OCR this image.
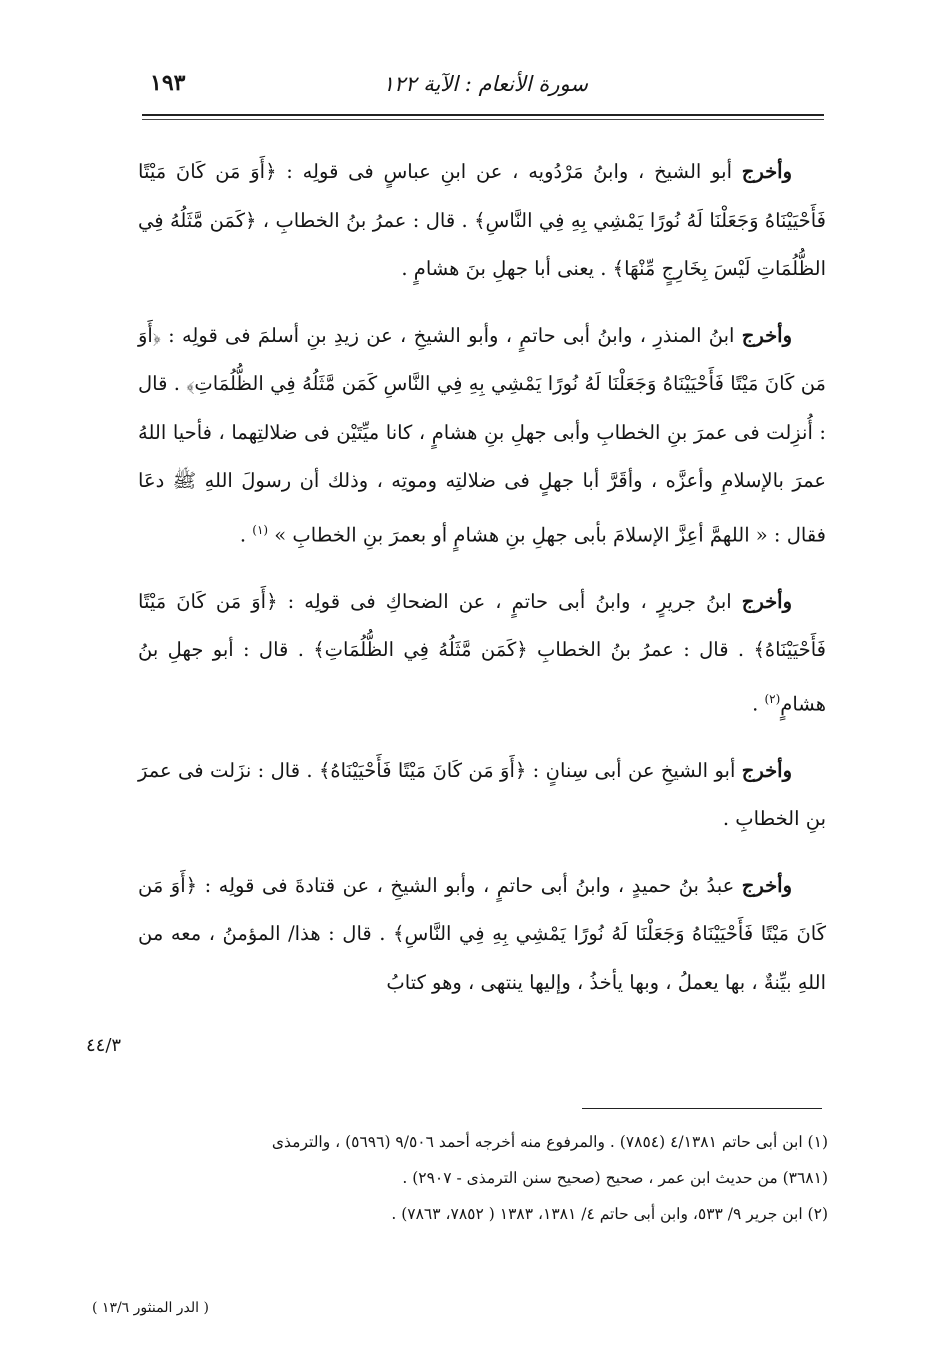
١٩٣	سورة الأنعام : الآية ١٢٢

وأخرج أبو الشيخ ، وابنُ مَرْدُويه ، عن ابنِ عباسٍ فى قولِه : ﴿أَوَ مَن كَانَ مَيْتًا فَأَحْيَيْنَاهُ وَجَعَلْنَا لَهُ نُورًا يَمْشِي بِهِ فِي النَّاسِ﴾ . قال : عمرُ بنُ الخطابِ ، ﴿كَمَن مَّثَلُهُ فِي الظُّلُمَاتِ لَيْسَ بِخَارِجٍ مِّنْهَا﴾ . يعنى أبا جهلِ بنَ هشامٍ .

وأخرج ابنُ المنذرِ ، وابنُ أبى حاتمٍ ، وأبو الشيخِ ، عن زيدِ بنِ أسلمَ فى قولِه : ﴿أَوَ مَن كَانَ مَيْتًا فَأَحْيَيْنَاهُ وَجَعَلْنَا لَهُ نُورًا يَمْشِي بِهِ فِي النَّاسِ كَمَن مَّثَلُهُ فِي الظُّلُمَاتِ﴾ . قال : أُنزِلت فى عمرَ بنِ الخطابِ وأبى جهلِ بنِ هشامٍ ، كانا ميِّتَيْن فى ضلالتِهما ، فأحيا اللهُ عمرَ بالإسلامِ وأعزَّه ، وأقَرَّ أبا جهلٍ فى ضلالتِه وموتِه ، وذلك أن رسولَ اللهِ ﷺ دعَا فقال : « اللهمَّ أعِزَّ الإسلامَ بأبى جهلِ بنِ هشامٍ أو بعمرَ بنِ الخطابِ » $^{(١)}$ .

وأخرج ابنُ جريرٍ ، وابنُ أبى حاتمٍ ، عن الضحاكِ فى قولِه : ﴿أَوَ مَن كَانَ مَيْتًا فَأَحْيَيْنَاهُ﴾ . قال : عمرُ بنُ الخطابِ ﴿كَمَن مَّثَلُهُ فِي الظُّلُمَاتِ﴾ . قال : أبو جهلِ بنُ هشامٍ$^{(٢)}$ .

وأخرج أبو الشيخِ عن أبى سِنانٍ : ﴿أَوَ مَن كَانَ مَيْتًا فَأَحْيَيْنَاهُ﴾ . قال : نزَلت فى عمرَ بنِ الخطابِ .

وأخرج عبدُ بنُ حميدٍ ، وابنُ أبى حاتمٍ ، وأبو الشيخِ ، عن قتادةَ فى قولِه : ﴿أَوَ مَن كَانَ مَيْتًا فَأَحْيَيْنَاهُ وَجَعَلْنَا لَهُ نُورًا يَمْشِي بِهِ فِي النَّاسِ﴾ . قال : هذا/ المؤمنُ ، معه من اللهِ بيِّنةٌ ، بها يعملُ ، وبها يأخذُ ، وإليها ينتهى ، وهو كتابُ

٤٤/٣

(١) ابن أبى حاتم ٤/١٣٨١ (٧٨٥٤) . والمرفوع منه أخرجه أحمد ٩/٥٠٦ (٥٦٩٦) ، والترمذى

(٣٦٨١) من حديث ابن عمر ، صحيح (صحيح سنن الترمذى - ٢٩٠٧) .

(٢) ابن جرير ٩/ ٥٣٣، وابن أبى حاتم ٤/ ١٣٨١، ١٣٨٣ ( ٧٨٥٢، ٧٨٦٣) .

( الدر المنثور ١٣/٦ )
